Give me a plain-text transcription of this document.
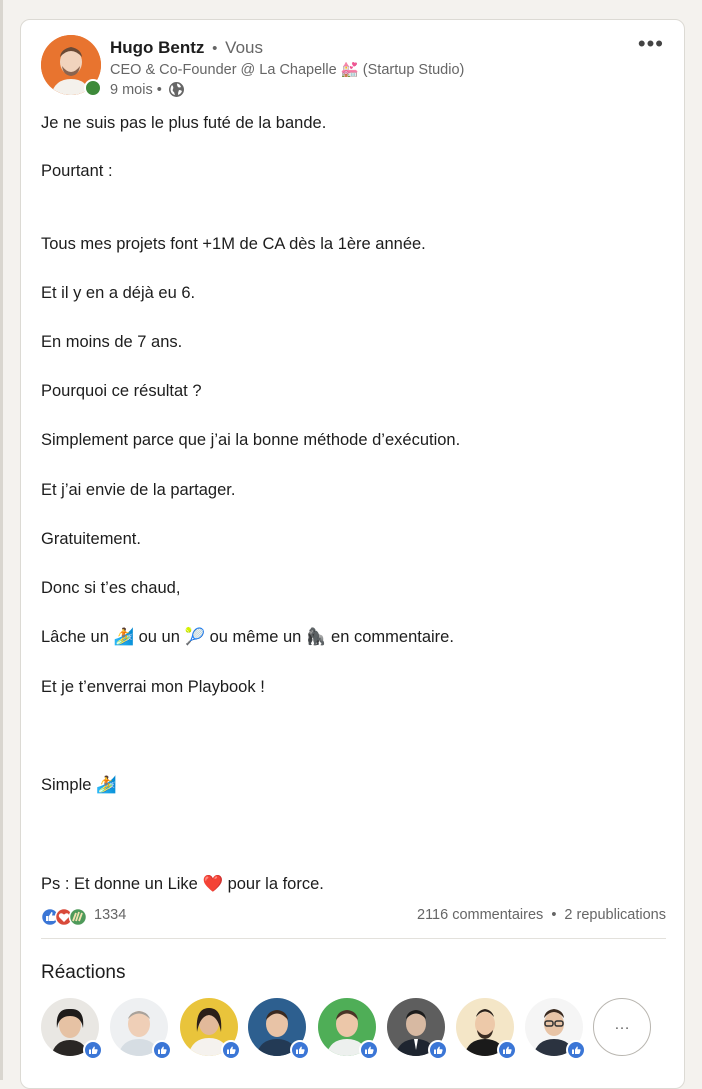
Hugo Bentz • Vous
CEO & Co-Founder @ La Chapelle 💒 (Startup Studio)
9 mois •
•••

Je ne suis pas le plus futé de la bande.

Pourtant :

Tous mes projets font +1M de CA dès la 1ère année.

Et il y en a déjà eu 6.

En moins de 7 ans.

Pourquoi ce résultat ?

Simplement parce que j’ai la bonne méthode d’exécution.

Et j’ai envie de la partager.

Gratuitement.

Donc si t’es chaud,

Lâche un 🏄 ou un 🎾 ou même un 🦍 en commentaire.

Et je t’enverrai mon Playbook !

Simple 🏄

Ps : Et donne un Like ❤️ pour la force.

1334	2116 commentaires • 2 republications
Réactions
…
